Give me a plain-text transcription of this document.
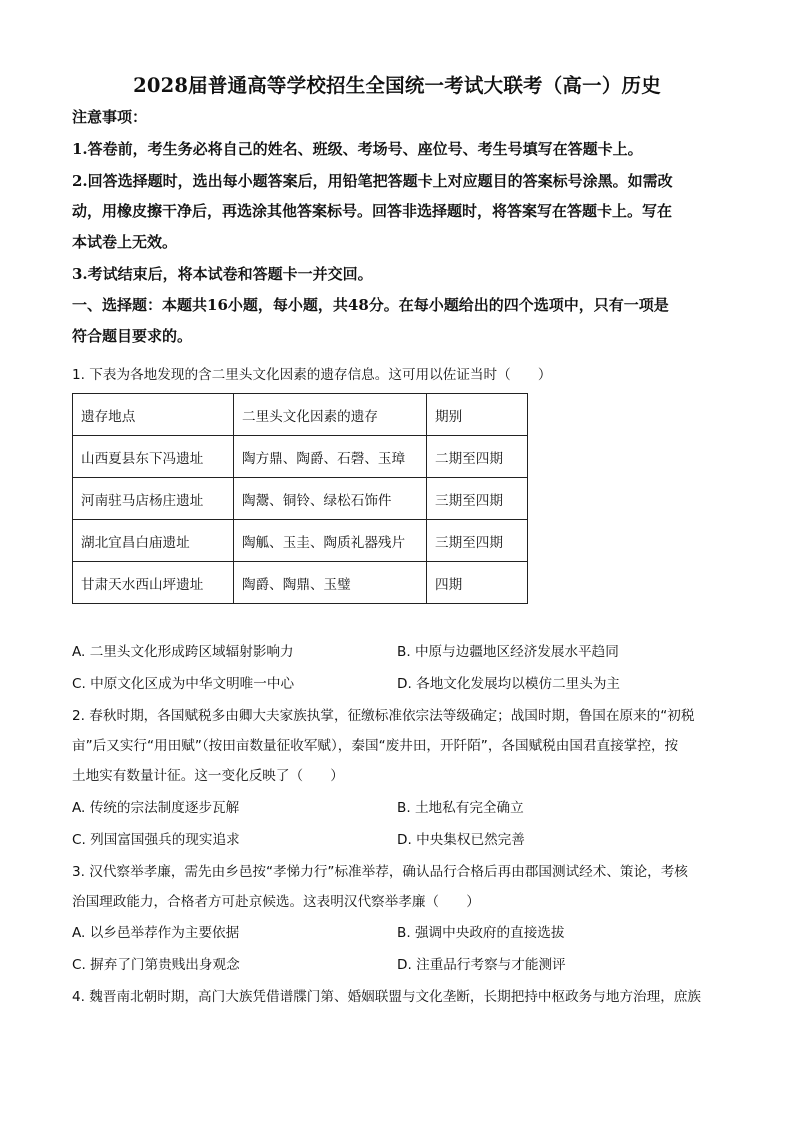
2028届普通高等学校招生全国统一考试大联考（高一）历史
注意事项：
1.答卷前，考生务必将自己的姓名、班级、考场号、座位号、考生号填写在答题卡上。
2.回答选择题时，选出每小题答案后，用铅笔把答题卡上对应题目的答案标号涂黑。如需改
动，用橡皮擦干净后，再选涂其他答案标号。回答非选择题时，将答案写在答题卡上。写在
本试卷上无效。
3.考试结束后，将本试卷和答题卡一并交回。
一、选择题：本题共16小题，每小题，共48分。在每小题给出的四个选项中，只有一项是
符合题目要求的。
1. 下表为各地发现的含二里头文化因素的遗存信息。这可用以佐证当时（　　）
遗存地点	二里头文化因素的遗存	期别
山西夏县东下冯遗址	陶方鼎、陶爵、石磬、玉璋	二期至四期
河南驻马店杨庄遗址	陶鬶、铜铃、绿松石饰件	三期至四期
湖北宜昌白庙遗址	陶觚、玉圭、陶质礼器残片	三期至四期
甘肃天水西山坪遗址	陶爵、陶鼎、玉璧	四期
A. 二里头文化形成跨区域辐射影响力	B. 中原与边疆地区经济发展水平趋同
C. 中原文化区成为中华文明唯一中心	D. 各地文化发展均以模仿二里头为主
2. 春秋时期，各国赋税多由卿大夫家族执掌，征缴标准依宗法等级确定；战国时期，鲁国在原来的“初税
亩”后又实行“用田赋”（按田亩数量征收军赋），秦国“废井田，开阡陌”，各国赋税由国君直接掌控，按
土地实有数量计征。这一变化反映了（　　）
A. 传统的宗法制度逐步瓦解	B. 土地私有完全确立
C. 列国富国强兵的现实追求	D. 中央集权已然完善
3. 汉代察举孝廉，需先由乡邑按“孝悌力行”标准举荐，确认品行合格后再由郡国测试经术、策论，考核
治国理政能力，合格者方可赴京候选。这表明汉代察举孝廉（　　）
A. 以乡邑举荐作为主要依据	B. 强调中央政府的直接选拔
C. 摒弃了门第贵贱出身观念	D. 注重品行考察与才能测评
4. 魏晋南北朝时期，高门大族凭借谱牒门第、婚姻联盟与文化垄断，长期把持中枢政务与地方治理，庶族
